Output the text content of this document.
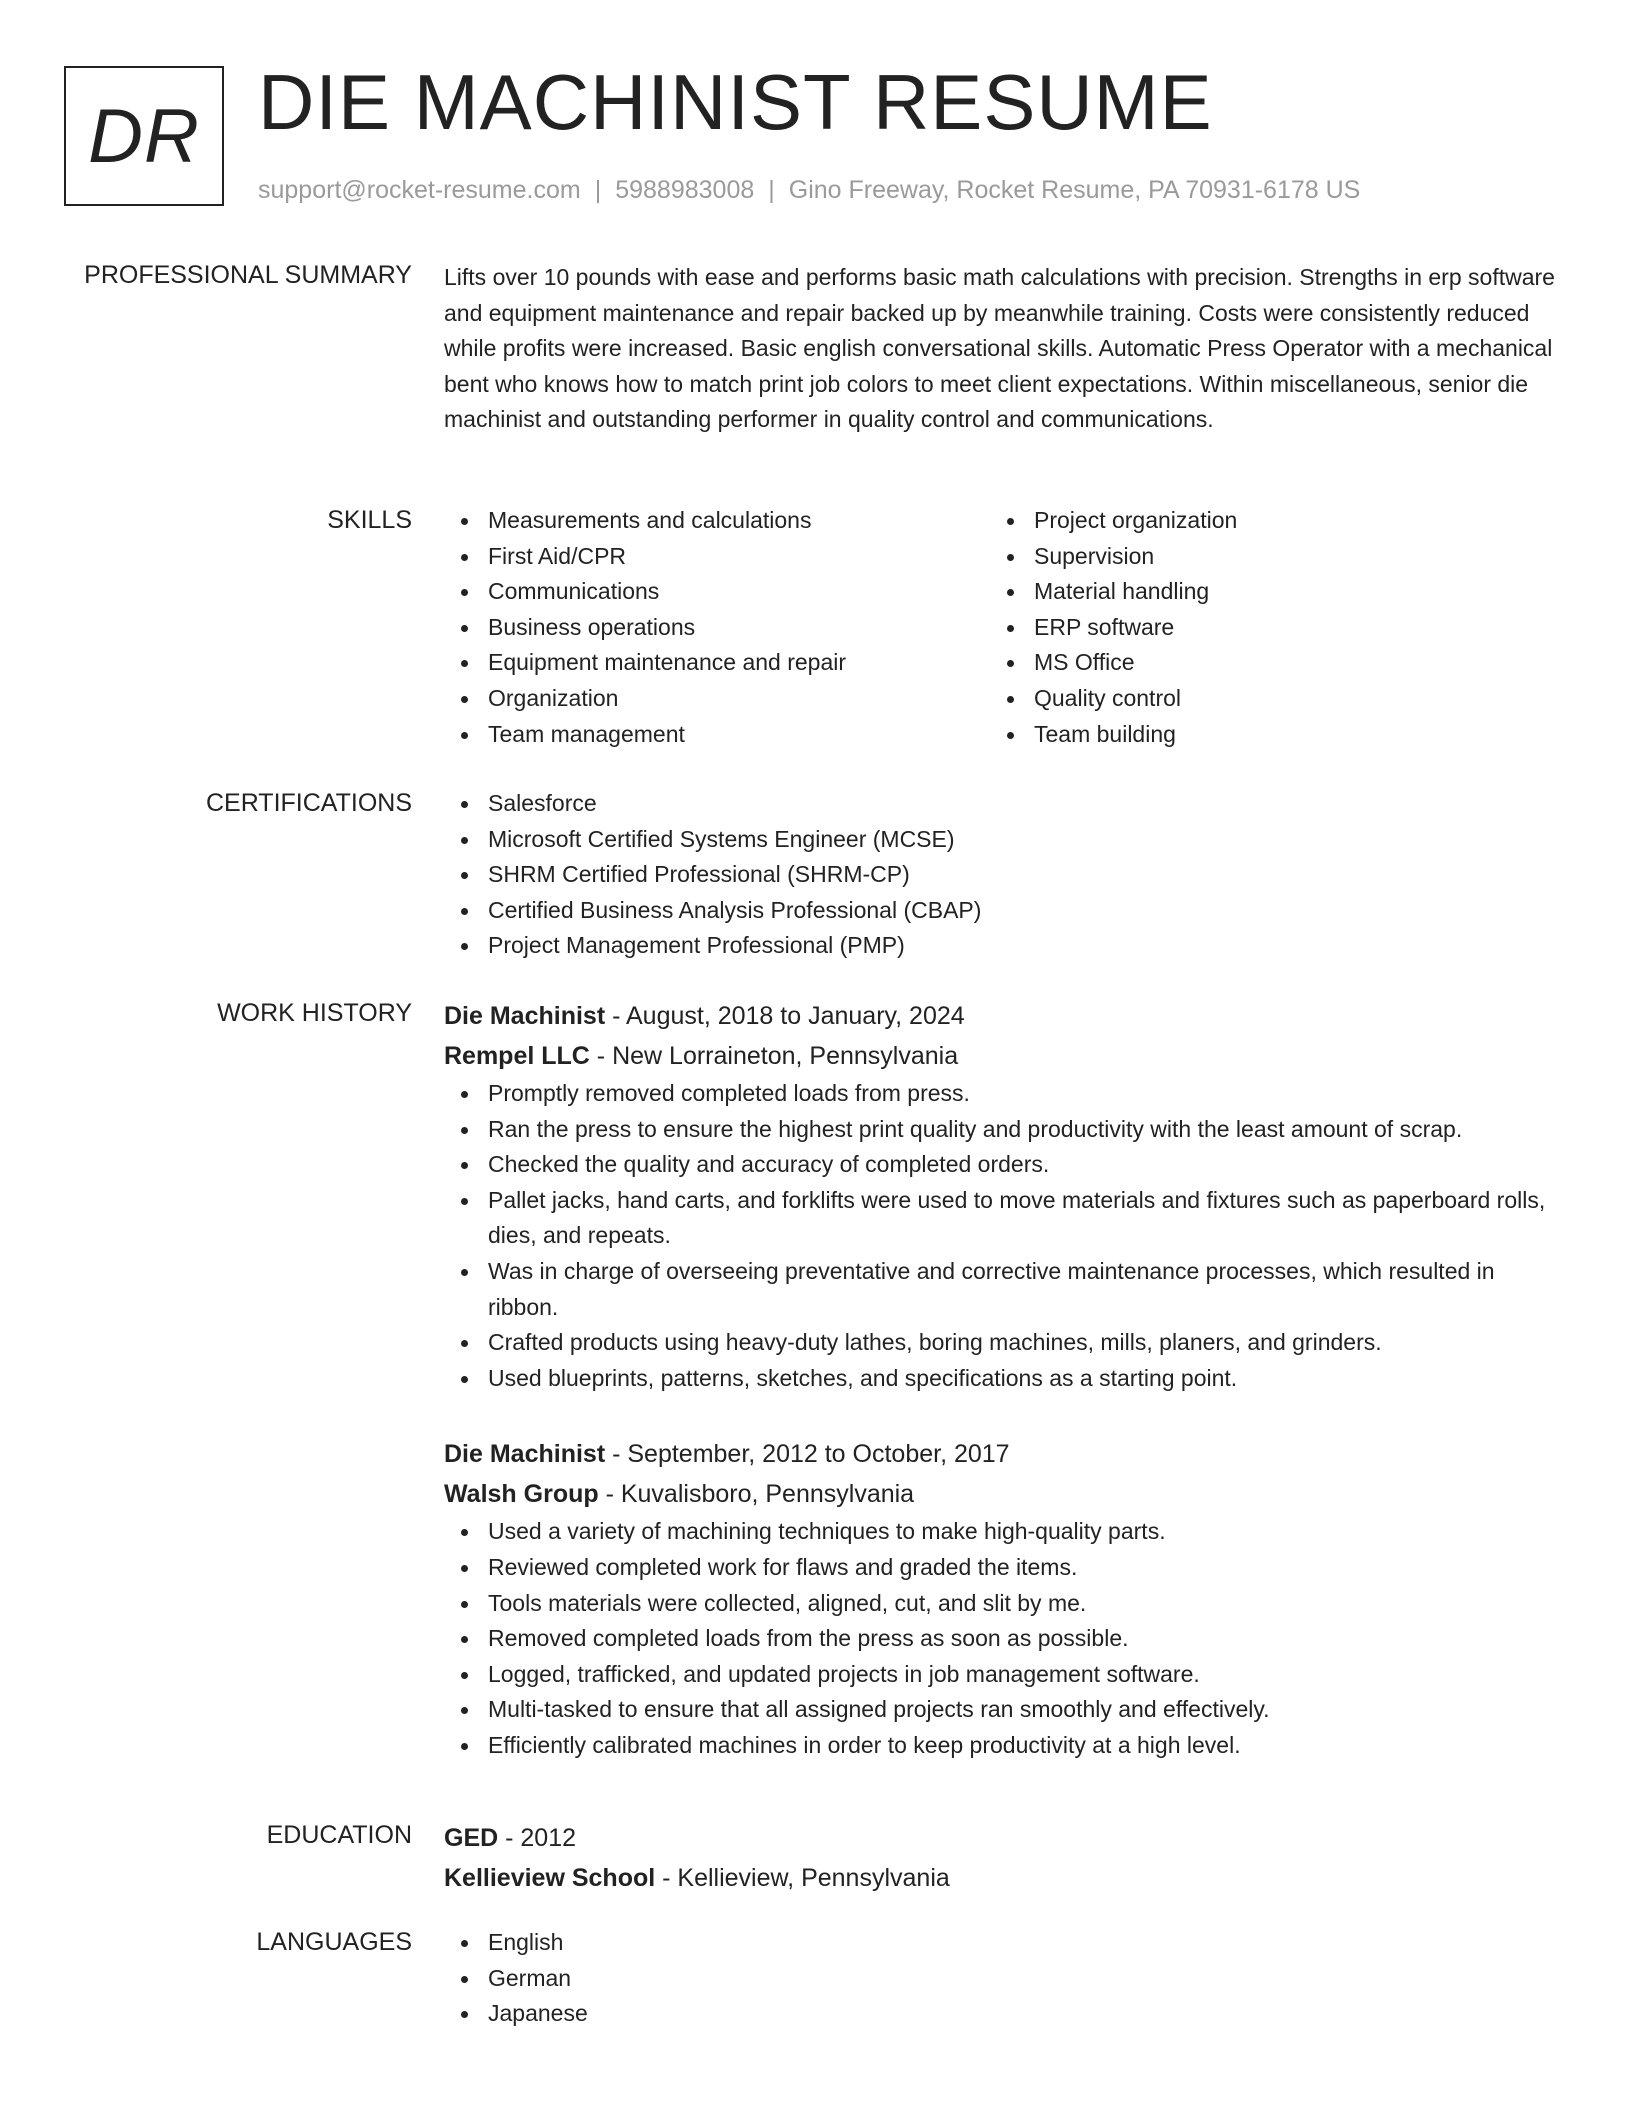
DR DIE MACHINIST RESUME
support@rocket-resume.com | 5988983008 | Gino Freeway, Rocket Resume, PA 70931-6178 US
PROFESSIONAL SUMMARY Lifts over 10 pounds with ease and performs basic math calculations with precision. Strengths in erp software and equipment maintenance and repair backed up by meanwhile training. Costs were consistently reduced while profits were increased. Basic english conversational skills. Automatic Press Operator with a mechanical bent who knows how to match print job colors to meet client expectations. Within miscellaneous, senior die machinist and outstanding performer in quality control and communications.

SKILLS	Measurements and calculations
First Aid/CPR
Communications
Business operations
Equipment maintenance and repair
Organization
Team management
Project organization
Supervision
Material handling
ERP software
MS Office
Quality control
Team building
CERTIFICATIONS	Salesforce
Microsoft Certified Systems Engineer (MCSE)
SHRM Certified Professional (SHRM-CP)
Certified Business Analysis Professional (CBAP)
Project Management Professional (PMP)
WORK HISTORY Die Machinist - August, 2018 to January, 2024
Rempel LLC - New Lorraineton, Pennsylvania
Promptly removed completed loads from press.
Ran the press to ensure the highest print quality and productivity with the least amount of scrap.
Checked the quality and accuracy of completed orders.
Pallet jacks, hand carts, and forklifts were used to move materials and fixtures such as paperboard rolls, dies, and repeats.
Was in charge of overseeing preventative and corrective maintenance processes, which resulted in ribbon.
Crafted products using heavy-duty lathes, boring machines, mills, planers, and grinders.
Used blueprints, patterns, sketches, and specifications as a starting point.
Die Machinist - September, 2012 to October, 2017
Walsh Group - Kuvalisboro, Pennsylvania
Used a variety of machining techniques to make high-quality parts.
Reviewed completed work for flaws and graded the items.
Tools materials were collected, aligned, cut, and slit by me.
Removed completed loads from the press as soon as possible.
Logged, trafficked, and updated projects in job management software.
Multi-tasked to ensure that all assigned projects ran smoothly and effectively.
Efficiently calibrated machines in order to keep productivity at a high level.
EDUCATION GED - 2012
Kellieview School - Kellieview, Pennsylvania
LANGUAGES	English
German
Japanese
